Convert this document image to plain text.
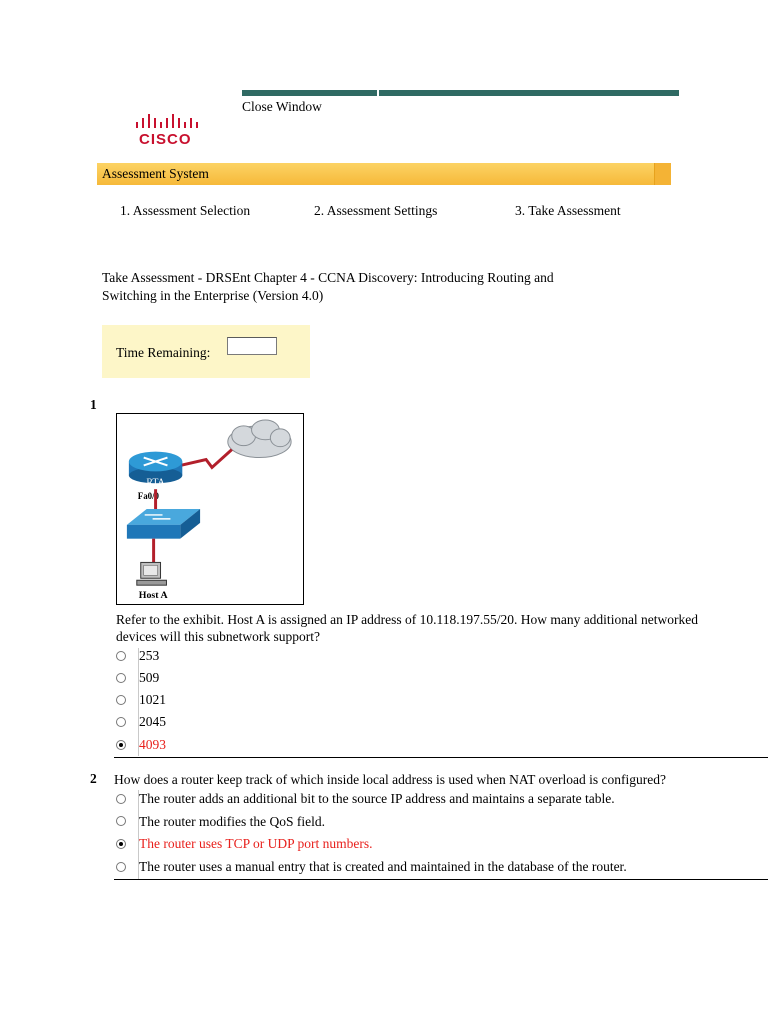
Close Window
CISCO
Assessment System
1. Assessment Selection	2. Assessment Settings	3. Take Assessment
Take Assessment - DRSEnt Chapter 4 - CCNA Discovery: Introducing Routing and
Switching in the Enterprise (Version 4.0)
Time Remaining:
1
RTA
Fa0/0
Host A
Refer to the exhibit. Host A is assigned an IP address of 10.118.197.55/20. How many additional networked
devices will this subnetwork support?
253
509
1021
2045
4093
2 How does a router keep track of which inside local address is used when NAT overload is configured?
The router adds an additional bit to the source IP address and maintains a separate table.
The router modifies the QoS field.
The router uses TCP or UDP port numbers.
The router uses a manual entry that is created and maintained in the database of the router.
